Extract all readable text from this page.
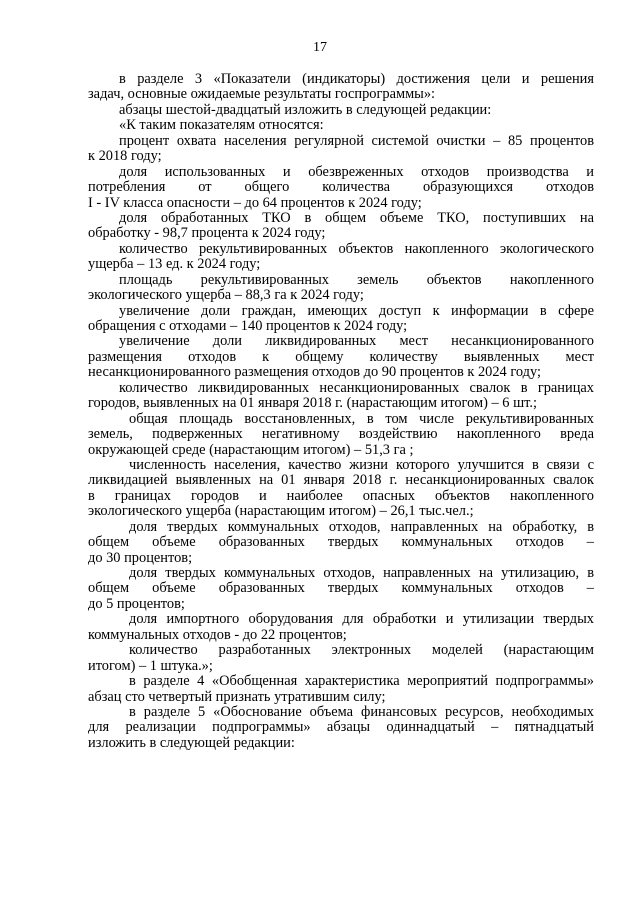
17
в разделе 3 «Показатели (индикаторы) достижения цели и решения
задач, основные ожидаемые результаты госпрограммы»:
абзацы шестой-двадцатый изложить в следующей редакции:
«К таким показателям относятся:
процент охвата населения регулярной системой очистки – 85 процентов
к 2018 году;
доля использованных и обезвреженных отходов производства и
потребления от общего количества образующихся отходов
I - IV класса опасности – до 64 процентов к 2024 году;
доля обработанных ТКО в общем объеме ТКО, поступивших на
обработку - 98,7 процента к 2024 году;
количество рекультивированных объектов накопленного экологического
ущерба – 13 ед. к 2024 году;
площадь рекультивированных земель объектов накопленного
экологического ущерба – 88,3 га к 2024 году;
увеличение доли граждан, имеющих доступ к информации в сфере
обращения с отходами – 140 процентов к 2024 году;
увеличение доли ликвидированных мест несанкционированного
размещения отходов к общему количеству выявленных мест
несанкционированного размещения отходов до 90 процентов к 2024 году;
количество ликвидированных несанкционированных свалок в границах
городов, выявленных на 01 января 2018 г. (нарастающим итогом) – 6 шт.;
общая площадь восстановленных, в том числе рекультивированных
земель, подверженных негативному воздействию накопленного вреда
окружающей среде (нарастающим итогом) – 51,3 га ;
численность населения, качество жизни которого улучшится в связи с
ликвидацией выявленных на 01 января 2018 г. несанкционированных свалок
в границах городов и наиболее опасных объектов накопленного
экологического ущерба (нарастающим итогом) – 26,1 тыс.чел.;
доля твердых коммунальных отходов, направленных на обработку, в
общем объеме образованных твердых коммунальных отходов –
до 30 процентов;
доля твердых коммунальных отходов, направленных на утилизацию, в
общем объеме образованных твердых коммунальных отходов –
до 5 процентов;
доля импортного оборудования для обработки и утилизации твердых
коммунальных отходов - до 22 процентов;
количество разработанных электронных моделей (нарастающим
итогом) – 1 штука.»;
в разделе 4 «Обобщенная характеристика мероприятий подпрограммы»
абзац сто четвертый признать утратившим силу;
в разделе 5 «Обоснование объема финансовых ресурсов, необходимых
для реализации подпрограммы» абзацы одиннадцатый – пятнадцатый
изложить в следующей редакции:
